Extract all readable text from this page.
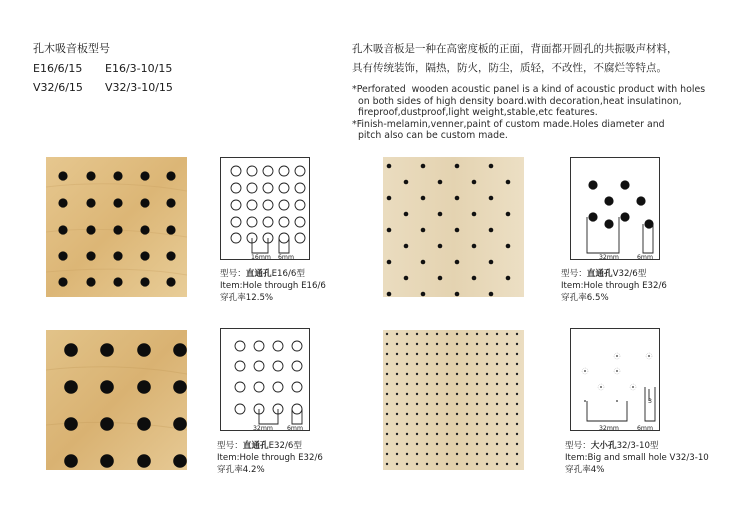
孔木吸音板型号
E16/6/15 E16/3-10/15
V32/6/15 V32/3-10/15
孔木吸音板是一种在高密度板的正面，背面都开圆孔的共振吸声材料，
具有传统装饰，隔热，防火，防尘，质轻，不改性，不腐烂等特点。
*Perforated  wooden acoustic panel is a kind of acoustic product with holes
on both sides of high density board.with decoration,heat insulatinon,
fireproof,dustproof,light weight,stable,etc features.
*Finish-melamin,venner,paint of custom made.Holes diameter and
pitch also can be custom made.
16mm 6mm
型号：直通孔E16/6型
Item:Hole through E16/6
穿孔率12.5%
32mm	6mm
型号：直通孔V32/6型
Item:Hole through E32/6
穿孔率6.5%
32mm 6mm
型号：直通孔E32/6型
Item:Hole through E32/6
穿孔率4.2%
3
32mm	6mm
型号：大小孔32/3-10型
Item:Big and small hole V32/3-10
穿孔率4%
